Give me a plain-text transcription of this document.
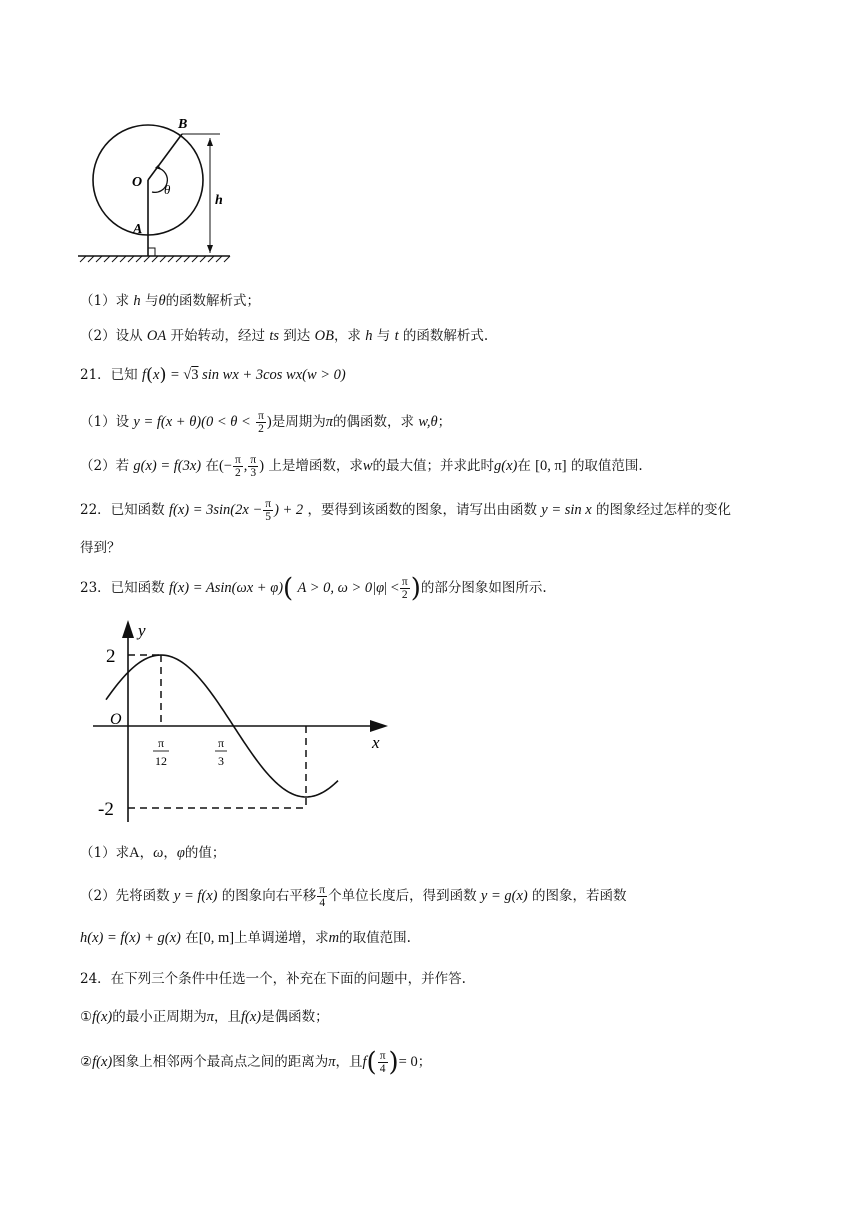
B
O θ
A
h
（1）求 h 与θ的函数解析式；
（2）设从 OA 开始转动，经过 ts 到达 OB，求 h 与 t 的函数解析式.
21．已知 f(x) = √3 sin wx + 3cos wx(w > 0)
（1）设 $y = f(x + \theta)(0 < \theta < \frac{\pi}{2}$ )是周期为π的偶函数，求 w,θ；
（2）若 g(x) = f(3x) 在(− $\frac{\pi}{2}$ , $\frac{\pi}{3}$ ) 上是增函数，求w的最大值；并求此时g(x)在 [0, π] 的取值范围.
22．已知函数 $f(x) = 3\sin(2x - \frac{\pi}{5}$ ) + 2 ，要得到该函数的图象，请写出由函数 y = sin x 的图象经过怎样的变化
得到？
23．已知函数 f(x) = Asin(ωx + φ)( A > 0, $\omega > 0|\varphi| < \frac{\pi}{2}$ )的部分图象如图所示.
y
x
O
2
-2
π
12
π
3
（1）求A，ω，φ的值；
（2）先将函数 y = f(x) 的图象向右平移 $\frac{\pi}{4}$ 个单位长度后，得到函数 y = g(x) 的图象，若函数
h(x) = f(x) + g(x) 在[0, m]上单调递增，求m的取值范围.
24．在下列三个条件中任选一个，补充在下面的问题中，并作答.
①f(x)的最小正周期为π，且f(x)是偶函数；
②f(x)图象上相邻两个最高点之间的距离为π，且$f( \frac{\pi}{4}$ )= 0；
